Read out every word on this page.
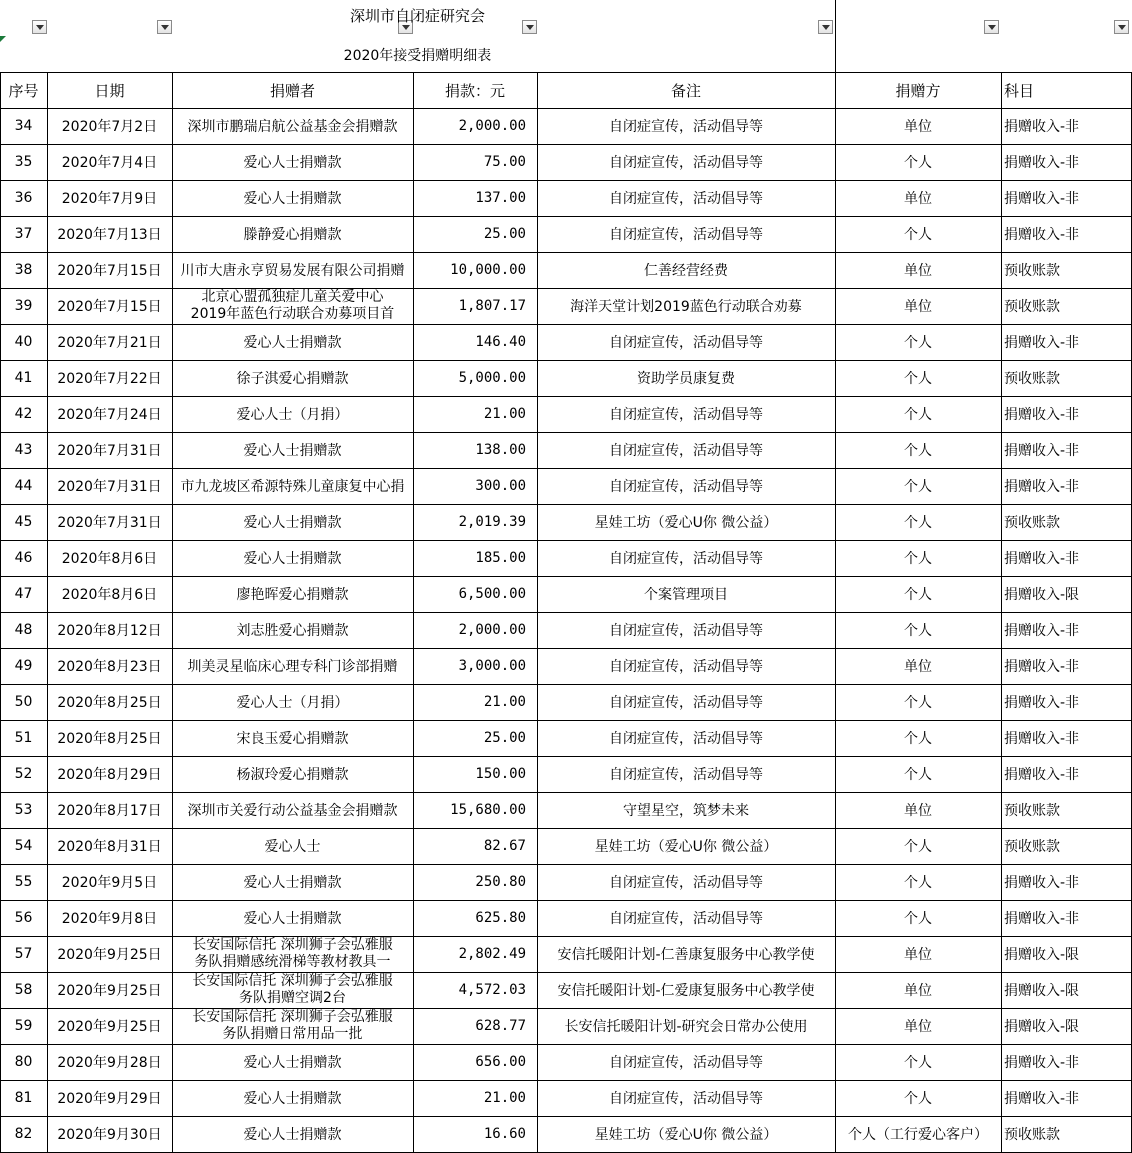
深圳市自闭症研究会
2020年接受捐赠明细表
序号	日期	捐赠者	捐款：元	备注	捐赠方	科目
34	2020年7月2日	深圳市鹏瑞启航公益基金会捐赠款	2,000.00	自闭症宣传，活动倡导等	单位	捐赠收入-非
35	2020年7月4日	爱心人士捐赠款	75.00	自闭症宣传，活动倡导等	个人	捐赠收入-非
36	2020年7月9日	爱心人士捐赠款	137.00	自闭症宣传，活动倡导等	单位	捐赠收入-非
37	2020年7月13日	滕静爱心捐赠款	25.00	自闭症宣传，活动倡导等	个人	捐赠收入-非
38	2020年7月15日	川市大唐永亨贸易发展有限公司捐赠	10,000.00	仁善经营经费	单位	预收账款
39	2020年7月15日
北京心盟孤独症儿童关爱中心
2019年蓝色行动联合劝募项目首	1,807.17	海洋天堂计划2019蓝色行动联合劝募	单位	预收账款
40	2020年7月21日	爱心人士捐赠款	146.40	自闭症宣传，活动倡导等	个人	捐赠收入-非
41	2020年7月22日	徐子淇爱心捐赠款	5,000.00	资助学员康复费	个人	预收账款
42	2020年7月24日	爱心人士（月捐）	21.00	自闭症宣传，活动倡导等	个人	捐赠收入-非
43	2020年7月31日	爱心人士捐赠款	138.00	自闭症宣传，活动倡导等	个人	捐赠收入-非
44	2020年7月31日	市九龙坡区希源特殊儿童康复中心捐	300.00	自闭症宣传，活动倡导等	个人	捐赠收入-非
45	2020年7月31日	爱心人士捐赠款	2,019.39	星娃工坊（爱心U你 微公益）	个人	预收账款
46	2020年8月6日	爱心人士捐赠款	185.00	自闭症宣传，活动倡导等	个人	捐赠收入-非
47	2020年8月6日	廖艳晖爱心捐赠款	6,500.00	个案管理项目	个人	捐赠收入-限
48	2020年8月12日	刘志胜爱心捐赠款	2,000.00	自闭症宣传，活动倡导等	个人	捐赠收入-非
49	2020年8月23日	圳美灵星临床心理专科门诊部捐赠	3,000.00	自闭症宣传，活动倡导等	单位	捐赠收入-非
50	2020年8月25日	爱心人士（月捐）	21.00	自闭症宣传，活动倡导等	个人	捐赠收入-非
51	2020年8月25日	宋良玉爱心捐赠款	25.00	自闭症宣传，活动倡导等	个人	捐赠收入-非
52	2020年8月29日	杨淑玲爱心捐赠款	150.00	自闭症宣传，活动倡导等	个人	捐赠收入-非
53	2020年8月17日	深圳市关爱行动公益基金会捐赠款	15,680.00	守望星空，筑梦未来	单位	预收账款
54	2020年8月31日	爱心人士	82.67	星娃工坊（爱心U你 微公益）	个人	预收账款
55	2020年9月5日	爱心人士捐赠款	250.80	自闭症宣传，活动倡导等	个人	捐赠收入-非
56	2020年9月8日	爱心人士捐赠款	625.80	自闭症宣传，活动倡导等	个人	捐赠收入-非
57	2020年9月25日
长安国际信托 深圳狮子会弘雅服
务队捐赠感统滑梯等教材教具一	2,802.49	安信托暖阳计划-仁善康复服务中心教学使	单位	捐赠收入-限
58	2020年9月25日
长安国际信托 深圳狮子会弘雅服
务队捐赠空调2台	4,572.03	安信托暖阳计划-仁爱康复服务中心教学使	单位	捐赠收入-限
59	2020年9月25日
长安国际信托 深圳狮子会弘雅服
务队捐赠日常用品一批	628.77	长安信托暖阳计划-研究会日常办公使用	单位	捐赠收入-限
80	2020年9月28日	爱心人士捐赠款	656.00	自闭症宣传，活动倡导等	个人	捐赠收入-非
81	2020年9月29日	爱心人士捐赠款	21.00	自闭症宣传，活动倡导等	个人	捐赠收入-非
82	2020年9月30日	爱心人士捐赠款	16.60	星娃工坊（爱心U你 微公益）	个人（工行爱心客户）	预收账款
